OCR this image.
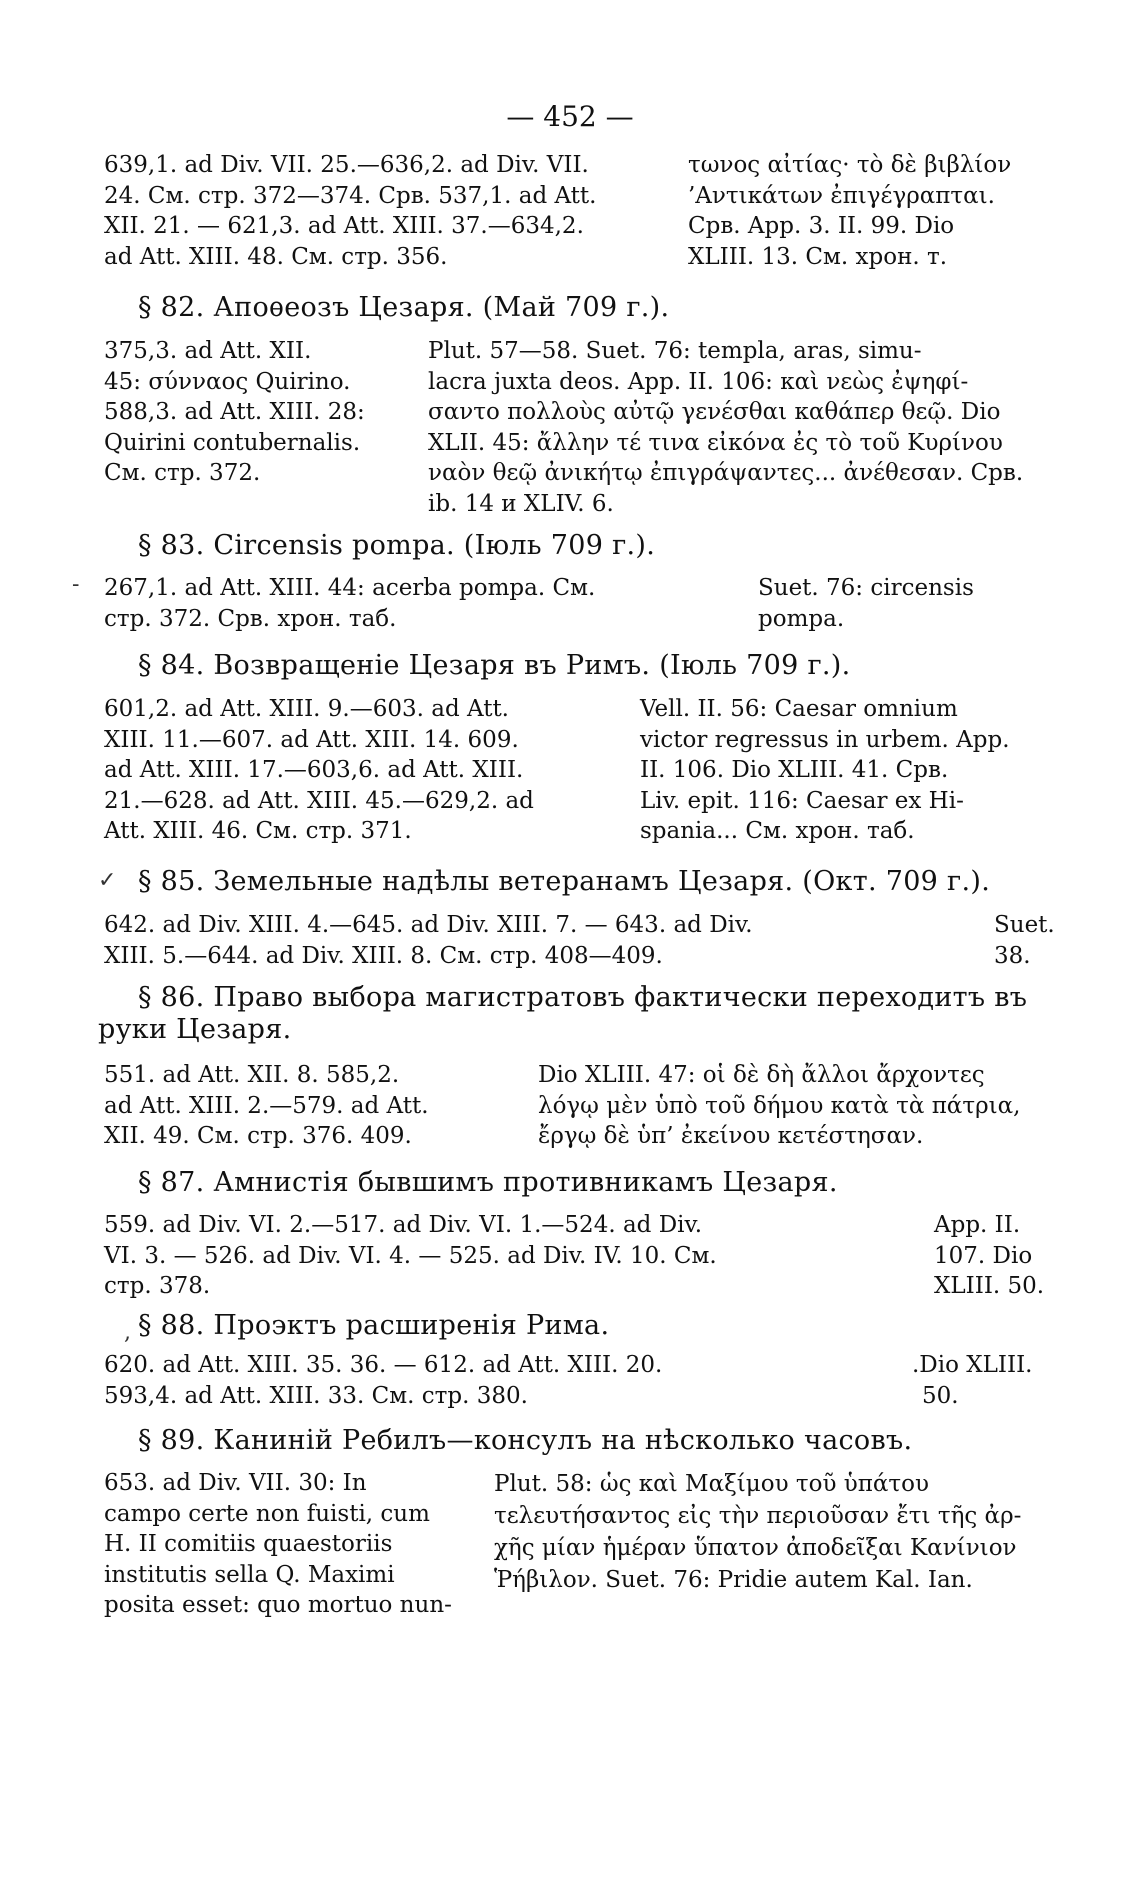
— 452 —
639,1. ad Div. VII. 25.—636,2. ad Div. VII.
24. См. стр. 372—374. Срв. 537,1. ad Att.
XII. 21. — 621,3. ad Att. XIII. 37.—634,2.
ad Att. XIII. 48. См. стр. 356.
τωνος αἰτίας· τὸ δὲ βιβλίον
’Αντικάτων ἐπιγέγραπται.
Срв. App. 3. II. 99. Dio
XLIII. 13. См. хрон. т.
§ 82. Апоѳеозъ Цезаря. (Май 709 г.).
375,3. ad Att. XII.
45: σύνναος Quirino.
588,3. ad Att. XIII. 28:
Quirini contubernalis.
См. стр. 372.
Plut. 57—58. Suet. 76: templa, aras, simu-
lacra juxta deos. App. II. 106: καὶ νεὼς ἐψηφί-
σαντο πολλοὺς αὐτῷ γενέσθαι καθάπερ θεῷ. Dio
XLII. 45: ἄλλην τέ τινα εἰκόνα ἐς τὸ τοῦ Κυρίνου
ναὸν θεῷ ἀνικήτῳ ἐπιγράψαντες... ἀνέθεσαν. Срв.
ib. 14 и XLIV. 6.
§ 83. Circensis pompa. (Іюль 709 г.).
- 267,1. ad Att. XIII. 44: acerba pompa. См.
стр. 372. Срв. хрон. таб.
Suet. 76: circensis
pompa.
§ 84. Возвращеніе Цезаря въ Римъ. (Іюль 709 г.).
601,2. ad Att. XIII. 9.—603. ad Att.
XIII. 11.—607. ad Att. XIII. 14. 609.
ad Att. XIII. 17.—603,6. ad Att. XIII.
21.—628. ad Att. XIII. 45.—629,2. ad
Att. XIII. 46. См. стр. 371.
Vell. II. 56: Caesar omnium
victor regressus in urbem. App.
II. 106. Dio XLIII. 41. Срв.
Liv. epit. 116: Caesar ex Hi-
spania... См. хрон. таб.
✓ § 85. Земельные надѣлы ветеранамъ Цезаря. (Окт. 709 г.).
642. ad Div. XIII. 4.—645. ad Div. XIII. 7. — 643. ad Div.
XIII. 5.—644. ad Div. XIII. 8. См. стр. 408—409.
Suet.
38.
§ 86. Право выбора магистратовъ фактически переходитъ въ
руки Цезаря.
551. ad Att. XII. 8. 585,2.
ad Att. XIII. 2.—579. ad Att.
XII. 49. См. стр. 376. 409.
Dio XLIII. 47: οἱ δὲ δὴ ἄλλοι ἄρχοντες
λόγῳ μὲν ὑπὸ τοῦ δήμου κατὰ τὰ πάτρια,
ἔργῳ δὲ ὑπ’ ἐκείνου κετέστησαν.
§ 87. Амнистія бывшимъ противникамъ Цезаря.
559. ad Div. VI. 2.—517. ad Div. VI. 1.—524. ad Div.
VI. 3. — 526. ad Div. VI. 4. — 525. ad Div. IV. 10. См.
стр. 378.
App. II.
107. Dio
XLIII. 50.
, § 88. Проэктъ расширенія Рима.
620. ad Att. XIII. 35. 36. — 612. ad Att. XIII. 20.
593,4. ad Att. XIII. 33. См. стр. 380.
.Dio XLIII.
50.
§ 89. Каниній Ребилъ—консулъ на нѣсколько часовъ.
653. ad Div. VII. 30: In
campo certe non fuisti, cum
H. II comitiis quaestoriis
institutis sella Q. Maximi
posita esset: quo mortuo nun-
Plut. 58: ὡς καὶ Μαξίμου τοῦ ὑπάτου
τελευτήσαντος εἰς τὴν περιοῦσαν ἔτι τῆς ἀρ-
χῆς μίαν ἡμέραν ὕπατον ἀποδεῖξαι Κανίνιον
Ῥήβιλον. Suet. 76: Pridie autem Kal. Ian.
